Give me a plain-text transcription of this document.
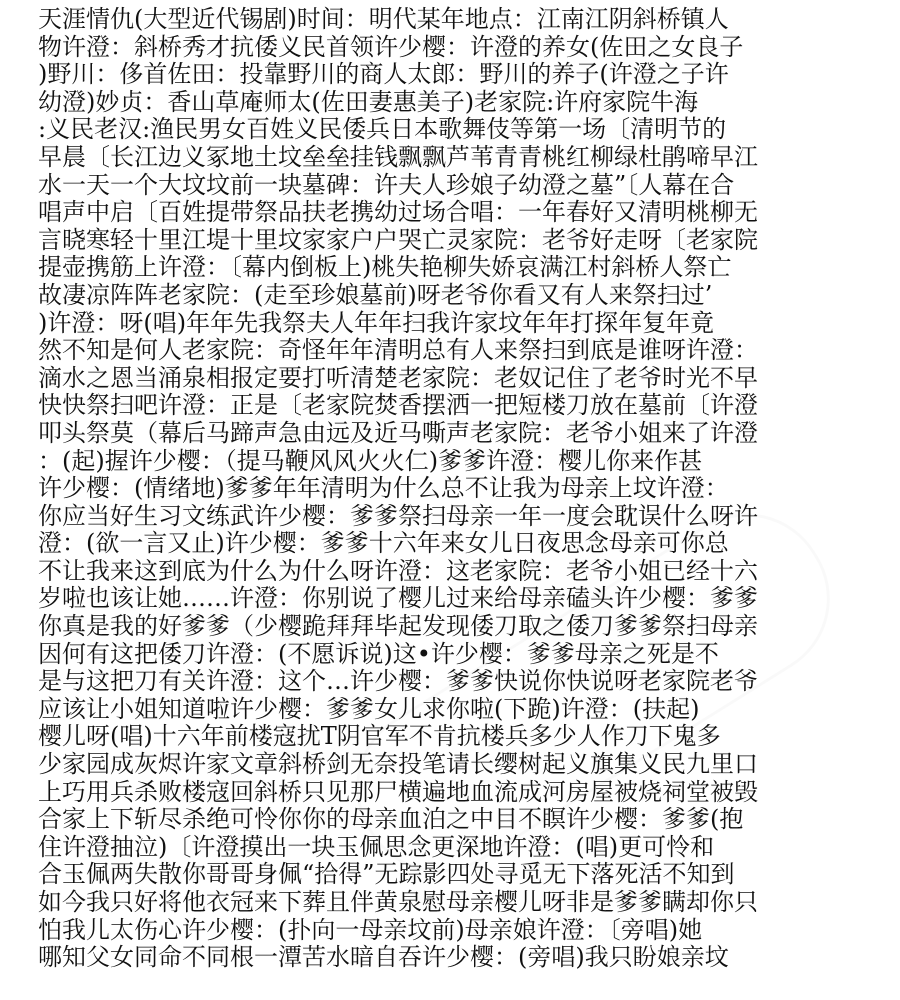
天涯情仇(大型近代锡剧)时间：明代某年地点：江南江阴斜桥镇人
物许澄：斜桥秀才抗倭义民首领许少樱：许澄的养女(佐田之女良子
)野川：侈首佐田：投靠野川的商人太郎：野川的养子(许澄之子许
幼澄)妙贞：香山草庵师太(佐田妻惠美子)老家院:许府家院牛海
:义民老汉:渔民男女百姓义民倭兵日本歌舞伎等第一场〔清明节的
早晨〔长江边义冢地土坟垒垒挂钱飘飘芦苇青青桃红柳绿杜鹃啼早江
水一天一个大坟坟前一块墓碑：许夫人珍娘子幼澄之墓”〔人幕在合
唱声中启〔百姓提带祭品扶老携幼过场合唱：一年春好又清明桃柳无
言晓寒轻十里江堤十里坟家家户户哭亡灵家院：老爷好走呀〔老家院
提壶携筋上许澄：〔幕内倒板上)桃失艳柳失娇哀满江村斜桥人祭亡
故凄凉阵阵老家院：(走至珍娘墓前)呀老爷你看又有人来祭扫过’
)许澄：呀(唱)年年先我祭夫人年年扫我许家坟年年打探年复年竟
然不知是何人老家院：奇怪年年清明总有人来祭扫到底是谁呀许澄：
滴水之恩当涌泉相报定要打听清楚老家院：老奴记住了老爷时光不早
快快祭扫吧许澄：正是〔老家院焚香摆洒一把短楼刀放在墓前〔许澄
叩头祭莫（幕后马蹄声急由远及近马嘶声老家院：老爷小姐来了许澄
：(起)握许少樱：（提马鞭风风火火仁)爹爹许澄：樱儿你来作甚
许少樱：(情绪地)爹爹年年清明为什么总不让我为母亲上坟许澄：
你应当好生习文练武许少樱：爹爹祭扫母亲一年一度会耽误什么呀许
澄：(欲一言又止)许少樱：爹爹十六年来女儿日夜思念母亲可你总
不让我来这到底为什么为什么呀许澄：这老家院：老爷小姐已经十六
岁啦也该让她……许澄：你别说了樱儿过来给母亲磕头许少樱：爹爹
你真是我的好爹爹（少樱跪拜拜毕起发现倭刀取之倭刀爹爹祭扫母亲
因何有这把倭刀许澄：(不愿诉说)这•许少樱：爹爹母亲之死是不
是与这把刀有关许澄：这个…许少樱：爹爹快说你快说呀老家院老爷
应该让小姐知道啦许少樱：爹爹女儿求你啦(下跪)许澄：(扶起)
樱儿呀(唱)十六年前楼寇扰T阴官军不肯抗楼兵多少人作刀下鬼多
少家园成灰烬许家文章斜桥剑无奈投笔请长缨树起义旗集义民九里口
上巧用兵杀败楼寇回斜桥只见那尸横遍地血流成河房屋被烧祠堂被毁
合家上下斩尽杀绝可怜你你的母亲血泊之中目不瞑许少樱：爹爹(抱
住许澄抽泣)〔许澄摸出一块玉佩思念更深地许澄：(唱)更可怜和
合玉佩两失散你哥哥身佩“拾得”无踪影四处寻觅无下落死活不知到
如今我只好将他衣冠来下葬且伴黄泉慰母亲樱儿呀非是爹爹瞒却你只
怕我儿太伤心许少樱：(扑向一母亲坟前)母亲娘许澄：〔旁唱)她
哪知父女同命不同根一潭苦水暗自吞许少樱：(旁唱)我只盼娘亲坟
